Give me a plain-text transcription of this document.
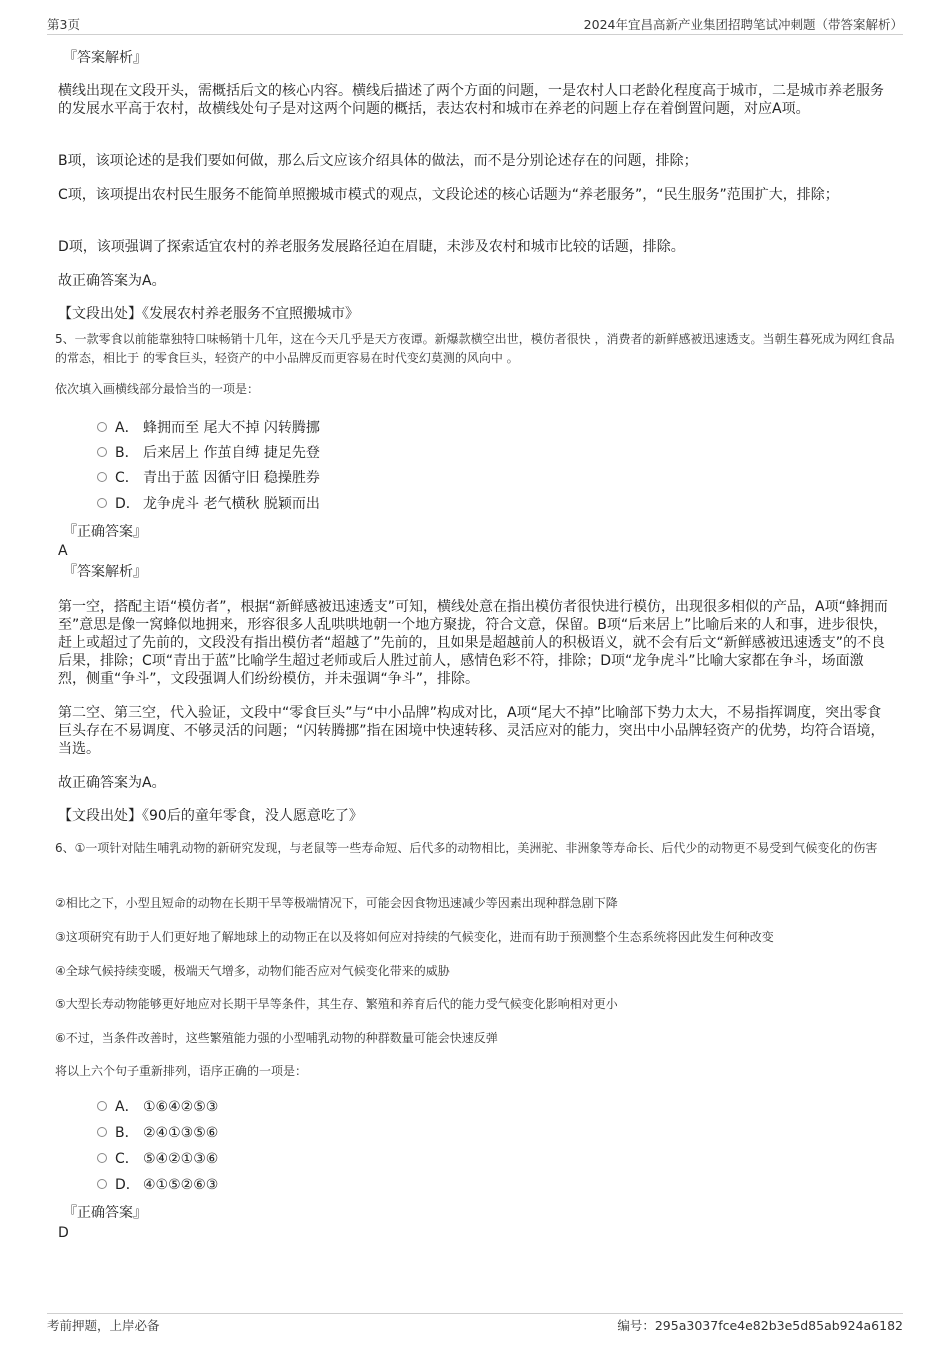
第3页	2024年宜昌高新产业集团招聘笔试冲刺题（带答案解析）
『答案解析』
横线出现在文段开头，需概括后文的核心内容。横线后描述了两个方面的问题，一是农村人口老龄化程度高于城市，二是城市养老服务的发展水平高于农村，故横线处句子是对这两个问题的概括，表达农村和城市在养老的问题上存在着倒置问题，对应A项。
B项，该项论述的是我们要如何做，那么后文应该介绍具体的做法，而不是分别论述存在的问题，排除；
C项，该项提出农村民生服务不能简单照搬城市模式的观点，文段论述的核心话题为“养老服务”，“民生服务”范围扩大，排除；
D项，该项强调了探索适宜农村的养老服务发展路径迫在眉睫，未涉及农村和城市比较的话题，排除。
故正确答案为A。
【文段出处】《发展农村养老服务不宜照搬城市》
5、一款零食以前能靠独特口味畅销十几年，这在今天几乎是天方夜谭。新爆款横空出世，模仿者很快 ，消费者的新鲜感被迅速透支。当朝生暮死成为网红食品的常态，相比于 的零食巨头，轻资产的中小品牌反而更容易在时代变幻莫测的风向中 。
依次填入画横线部分最恰当的一项是：
A． 蜂拥而至 尾大不掉 闪转腾挪
B． 后来居上 作茧自缚 捷足先登
C． 青出于蓝 因循守旧 稳操胜券
D． 龙争虎斗 老气横秋 脱颖而出
『正确答案』
A
『答案解析』
第一空，搭配主语“模仿者”，根据“新鲜感被迅速透支”可知，横线处意在指出模仿者很快进行模仿，出现很多相似的产品，A项“蜂拥而至”意思是像一窝蜂似地拥来，形容很多人乱哄哄地朝一个地方聚拢，符合文意，保留。B项“后来居上”比喻后来的人和事，进步很快，赶上或超过了先前的，文段没有指出模仿者“超越了”先前的，且如果是超越前人的积极语义，就不会有后文“新鲜感被迅速透支”的不良后果，排除；C项“青出于蓝”比喻学生超过老师或后人胜过前人，感情色彩不符，排除；D项“龙争虎斗”比喻大家都在争斗，场面激烈，侧重“争斗”，文段强调人们纷纷模仿，并未强调“争斗”，排除。
第二空、第三空，代入验证，文段中“零食巨头”与“中小品牌”构成对比，A项“尾大不掉”比喻部下势力太大，不易指挥调度，突出零食巨头存在不易调度、不够灵活的问题；“闪转腾挪”指在困境中快速转移、灵活应对的能力，突出中小品牌轻资产的优势，均符合语境，当选。
故正确答案为A。
【文段出处】《90后的童年零食，没人愿意吃了》
6、①一项针对陆生哺乳动物的新研究发现，与老鼠等一些寿命短、后代多的动物相比，美洲驼、非洲象等寿命长、后代少的动物更不易受到气候变化的伤害
②相比之下，小型且短命的动物在长期干旱等极端情况下，可能会因食物迅速减少等因素出现种群急剧下降
③这项研究有助于人们更好地了解地球上的动物正在以及将如何应对持续的气候变化，进而有助于预测整个生态系统将因此发生何种改变
④全球气候持续变暖，极端天气增多，动物们能否应对气候变化带来的威胁
⑤大型长寿动物能够更好地应对长期干旱等条件，其生存、繁殖和养育后代的能力受气候变化影响相对更小
⑥不过，当条件改善时，这些繁殖能力强的小型哺乳动物的种群数量可能会快速反弹
将以上六个句子重新排列，语序正确的一项是：
A． ①⑥④②⑤③
B． ②④①③⑤⑥
C． ⑤④②①③⑥
D． ④①⑤②⑥③
『正确答案』
D
考前押题，上岸必备	编号：295a3037fce4e82b3e5d85ab924a6182
